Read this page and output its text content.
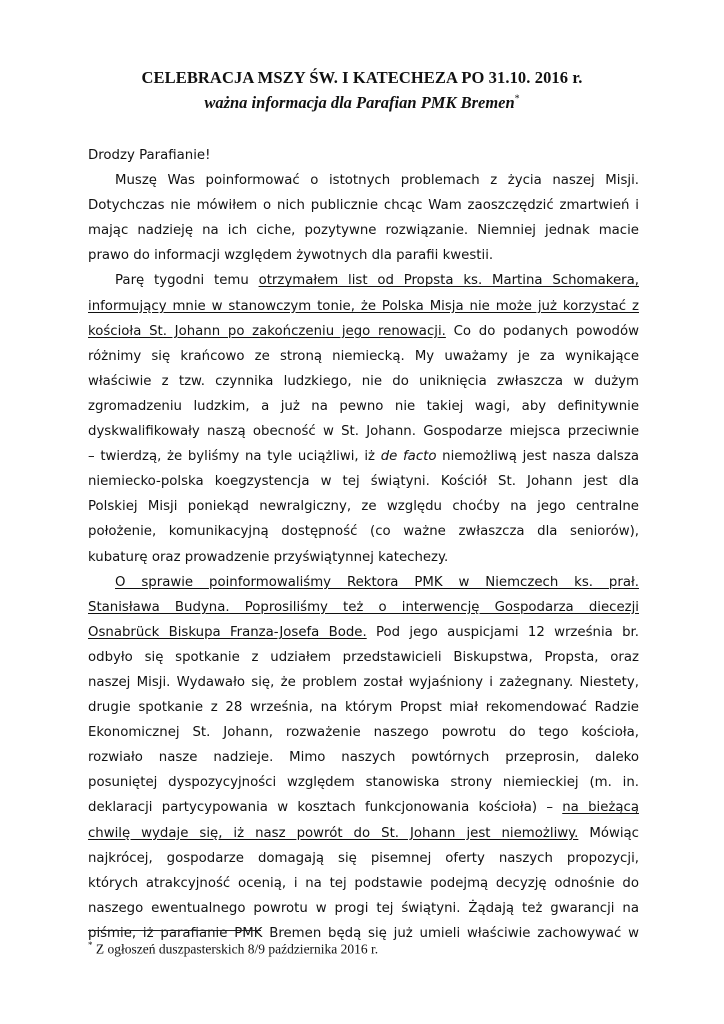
CELEBRACJA MSZY ŚW. I KATECHEZA PO 31.10. 2016 r.
ważna informacja dla Parafian PMK Bremen*
Drodzy Parafianie!
Muszę Was poinformować o istotnych problemach z życia naszej Misji.
Dotychczas nie mówiłem o nich publicznie chcąc Wam zaoszczędzić zmartwień i
mając nadzieję na ich ciche, pozytywne rozwiązanie. Niemniej jednak macie
prawo do informacji względem żywotnych dla parafii kwestii.
Parę tygodni temu otrzymałem list od Propsta ks. Martina Schomakera,
informujący mnie w stanowczym tonie, że Polska Misja nie może już korzystać z
kościoła St. Johann po zakończeniu jego renowacji. Co do podanych powodów
różnimy się krańcowo ze stroną niemiecką. My uważamy je za wynikające
właściwie z tzw. czynnika ludzkiego, nie do uniknięcia zwłaszcza w dużym
zgromadzeniu ludzkim, a już na pewno nie takiej wagi, aby definitywnie
dyskwalifikowały naszą obecność w St. Johann. Gospodarze miejsca przeciwnie
– twierdzą, że byliśmy na tyle uciążliwi, iż de facto niemożliwą jest nasza dalsza
niemiecko-polska koegzystencja w tej świątyni. Kościół St. Johann jest dla
Polskiej Misji poniekąd newralgiczny, ze względu choćby na jego centralne
położenie, komunikacyjną dostępność (co ważne zwłaszcza dla seniorów),
kubaturę oraz prowadzenie przyświątynnej katechezy.
O sprawie poinformowaliśmy Rektora PMK w Niemczech ks. prał.
Stanisława Budyna. Poprosiliśmy też o interwencję Gospodarza diecezji
Osnabrück Biskupa Franza-Josefa Bode. Pod jego auspicjami 12 września br.
odbyło się spotkanie z udziałem przedstawicieli Biskupstwa, Propsta, oraz
naszej Misji. Wydawało się, że problem został wyjaśniony i zażegnany. Niestety,
drugie spotkanie z 28 września, na którym Propst miał rekomendować Radzie
Ekonomicznej St. Johann, rozważenie naszego powrotu do tego kościoła,
rozwiało nasze nadzieje. Mimo naszych powtórnych przeprosin, daleko
posuniętej dyspozycyjności względem stanowiska strony niemieckiej (m. in.
deklaracji partycypowania w kosztach funkcjonowania kościoła) – na bieżącą
chwilę wydaje się, iż nasz powrót do St. Johann jest niemożliwy. Mówiąc
najkrócej, gospodarze domagają się pisemnej oferty naszych propozycji,
których atrakcyjność ocenią, i na tej podstawie podejmą decyzję odnośnie do
naszego ewentualnego powrotu w progi tej świątyni. Żądają też gwarancji na
piśmie, iż parafianie PMK Bremen będą się już umieli właściwie zachowywać w
* Z ogłoszeń duszpasterskich 8/9 października 2016 r.
